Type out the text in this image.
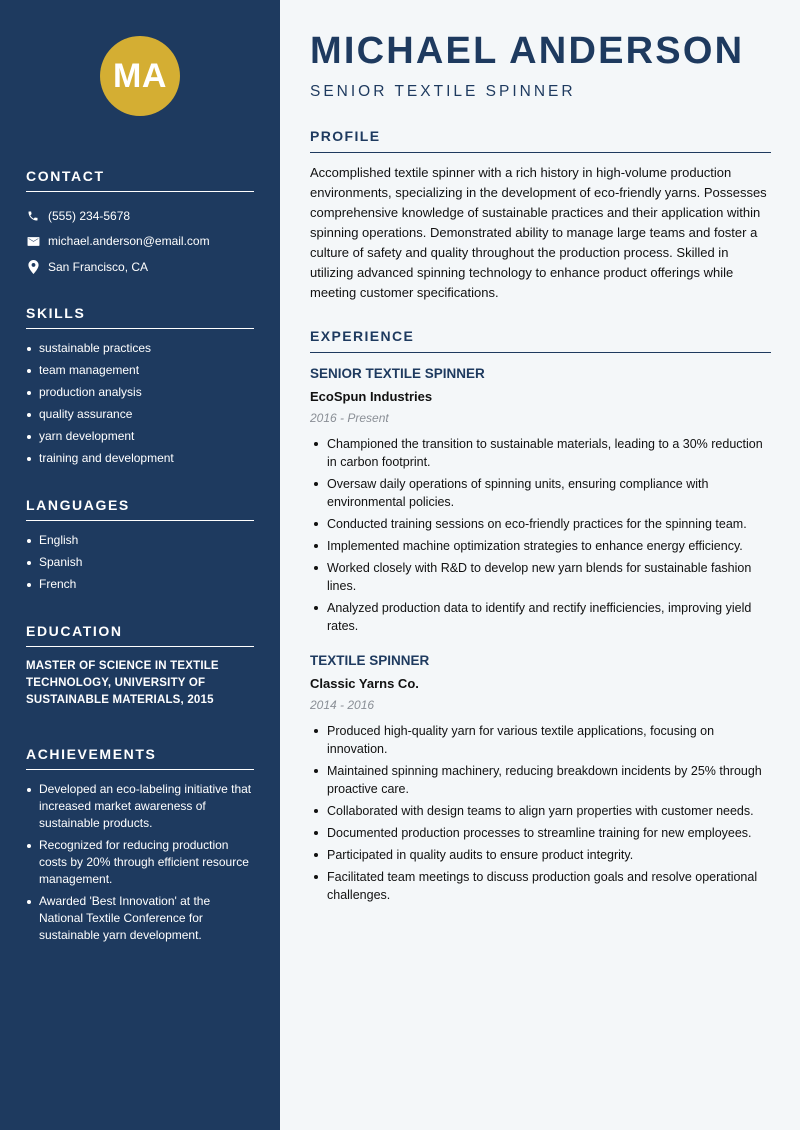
MA
CONTACT
(555) 234-5678
michael.anderson@email.com
San Francisco, CA
SKILLS
sustainable practices
team management
production analysis
quality assurance
yarn development
training and development
LANGUAGES
English
Spanish
French
EDUCATION
MASTER OF SCIENCE IN TEXTILE TECHNOLOGY, UNIVERSITY OF SUSTAINABLE MATERIALS, 2015
ACHIEVEMENTS
Developed an eco-labeling initiative that increased market awareness of sustainable products.
Recognized for reducing production costs by 20% through efficient resource management.
Awarded 'Best Innovation' at the National Textile Conference for sustainable yarn development.
MICHAEL ANDERSON
SENIOR TEXTILE SPINNER
PROFILE

Accomplished textile spinner with a rich history in high-volume production environments, specializing in the development of eco-friendly yarns. Possesses comprehensive knowledge of sustainable practices and their application within spinning operations. Demonstrated ability to manage large teams and foster a culture of safety and quality throughout the production process. Skilled in utilizing advanced spinning technology to enhance product offerings while meeting customer specifications.

EXPERIENCE
SENIOR TEXTILE SPINNER
EcoSpun Industries
2016 - Present
Championed the transition to sustainable materials, leading to a 30% reduction in carbon footprint.
Oversaw daily operations of spinning units, ensuring compliance with environmental policies.
Conducted training sessions on eco-friendly practices for the spinning team.
Implemented machine optimization strategies to enhance energy efficiency.
Worked closely with R&D to develop new yarn blends for sustainable fashion lines.
Analyzed production data to identify and rectify inefficiencies, improving yield rates.
TEXTILE SPINNER
Classic Yarns Co.
2014 - 2016
Produced high-quality yarn for various textile applications, focusing on innovation.
Maintained spinning machinery, reducing breakdown incidents by 25% through proactive care.
Collaborated with design teams to align yarn properties with customer needs.
Documented production processes to streamline training for new employees.
Participated in quality audits to ensure product integrity.
Facilitated team meetings to discuss production goals and resolve operational challenges.
